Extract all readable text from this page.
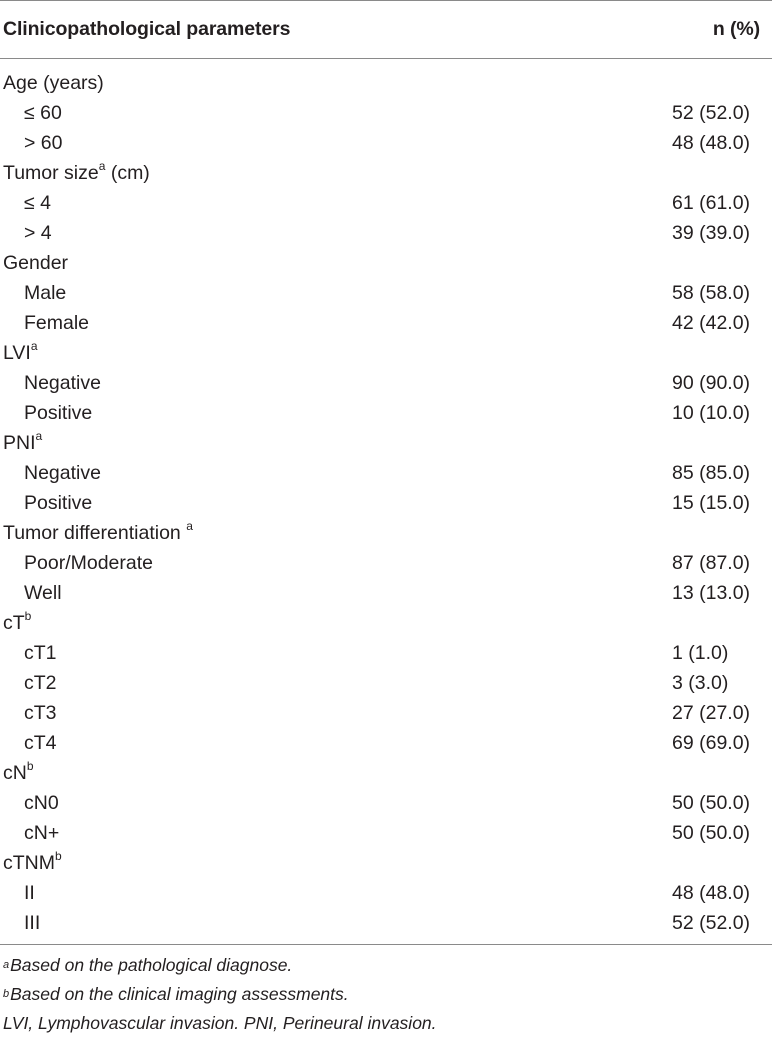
Clinicopathological parameters	n (%)
Age (years)
≤ 60	52 (52.0)
> 60	48 (48.0)
Tumor size$^a$ (cm)
≤ 4	61 (61.0)
> 4	39 (39.0)
Gender
Male	58 (58.0)
Female	42 (42.0)
LVI$^a$
Negative	90 (90.0)
Positive	10 (10.0)
PNI$^a$
Negative	85 (85.0)
Positive	15 (15.0)
Tumor differentiation $^a$
Poor/Moderate	87 (87.0)
Well	13 (13.0)
$cT^b$
cT1	1 (1.0)
cT2	3 (3.0)
cT3	27 (27.0)
cT4	69 (69.0)
$cN^b$
cN0	50 (50.0)
cN+	50 (50.0)
cTNM$^b$
II	48 (48.0)
III	52 (52.0)
$^a$ Based on the pathological diagnose.
$^b$ Based on the clinical imaging assessments.
LVI, Lymphovascular invasion. PNI, Perineural invasion.
